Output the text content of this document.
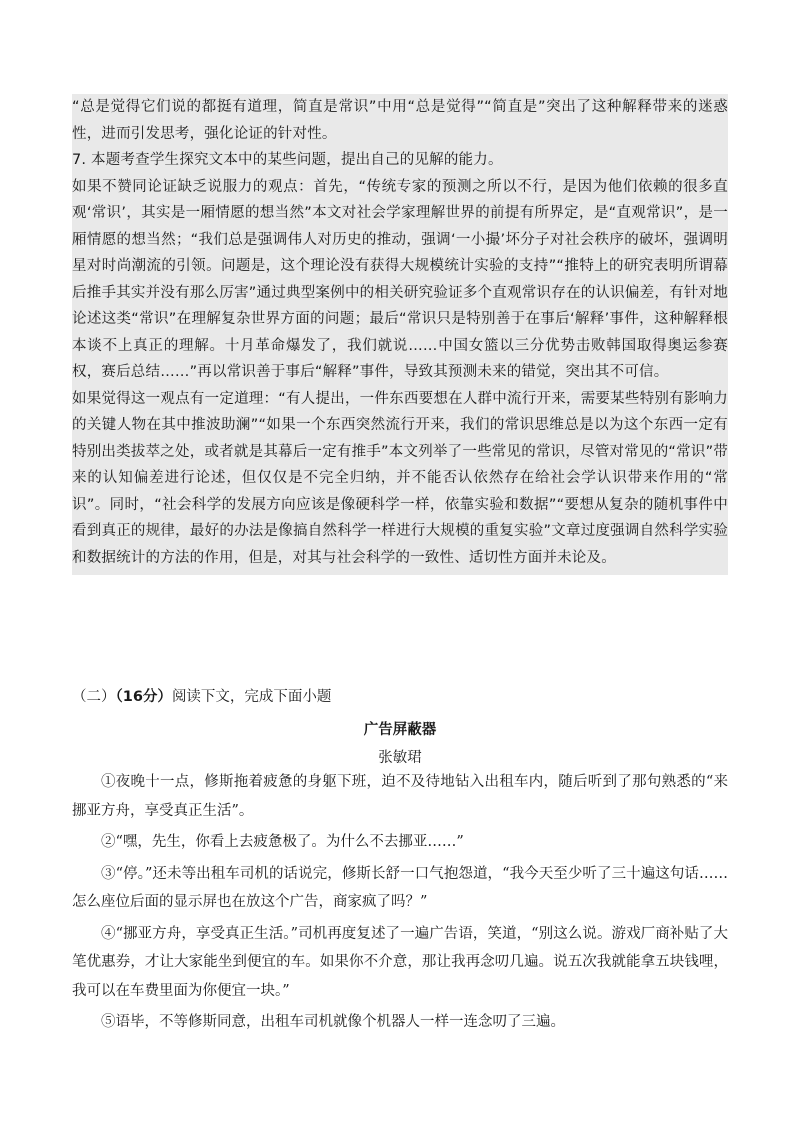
“总是觉得它们说的都挺有道理，简直是常识”中用“总是觉得”“简直是”突出了这种解释带来的迷惑性，进而引发思考，强化论证的针对性。

7. 本题考查学生探究文本中的某些问题，提出自己的见解的能力。

如果不赞同论证缺乏说服力的观点：首先，“传统专家的预测之所以不行，是因为他们依赖的很多直观‘常识’，其实是一厢情愿的想当然”本文对社会学家理解世界的前提有所界定，是“直观常识”，是一厢情愿的想当然；“我们总是强调伟人对历史的推动，强调‘一小撮’坏分子对社会秩序的破坏，强调明星对时尚潮流的引领。问题是，这个理论没有获得大规模统计实验的支持”“推特上的研究表明所谓幕后推手其实并没有那么厉害”通过典型案例中的相关研究验证多个直观常识存在的认识偏差，有针对地论述这类“常识”在理解复杂世界方面的问题；最后“常识只是特别善于在事后‘解释’事件，这种解释根本谈不上真正的理解。十月革命爆发了，我们就说……中国女篮以三分优势击败韩国取得奥运参赛权，赛后总结……”再以常识善于事后“解释”事件，导致其预测未来的错觉，突出其不可信。

如果觉得这一观点有一定道理：“有人提出，一件东西要想在人群中流行开来，需要某些特别有影响力的关键人物在其中推波助澜”“如果一个东西突然流行开来，我们的常识思维总是以为这个东西一定有特别出类拔萃之处，或者就是其幕后一定有推手”本文列举了一些常见的常识，尽管对常见的“常识”带来的认知偏差进行论述，但仅仅是不完全归纳，并不能否认依然存在给社会学认识带来作用的“常识”。同时，“社会科学的发展方向应该是像硬科学一样，依靠实验和数据”“要想从复杂的随机事件中看到真正的规律，最好的办法是像搞自然科学一样进行大规模的重复实验”文章过度强调自然科学实验和数据统计的方法的作用，但是，对其与社会科学的一致性、适切性方面并未论及。

（二）（16分）阅读下文，完成下面小题
广告屏蔽器
张敏珺

①夜晚十一点，修斯拖着疲惫的身躯下班，迫不及待地钻入出租车内，随后听到了那句熟悉的“来挪亚方舟，享受真正生活”。

②“嘿，先生，你看上去疲惫极了。为什么不去挪亚……”

③“停。”还未等出租车司机的话说完，修斯长舒一口气抱怨道，“我今天至少听了三十遍这句话……怎么座位后面的显示屏也在放这个广告，商家疯了吗？”

④“挪亚方舟，享受真正生活。”司机再度复述了一遍广告语，笑道，“别这么说。游戏厂商补贴了大笔优惠券，才让大家能坐到便宜的车。如果你不介意，那让我再念叨几遍。说五次我就能拿五块钱哩，我可以在车费里面为你便宜一块。”

⑤语毕，不等修斯同意，出租车司机就像个机器人一样一连念叨了三遍。
